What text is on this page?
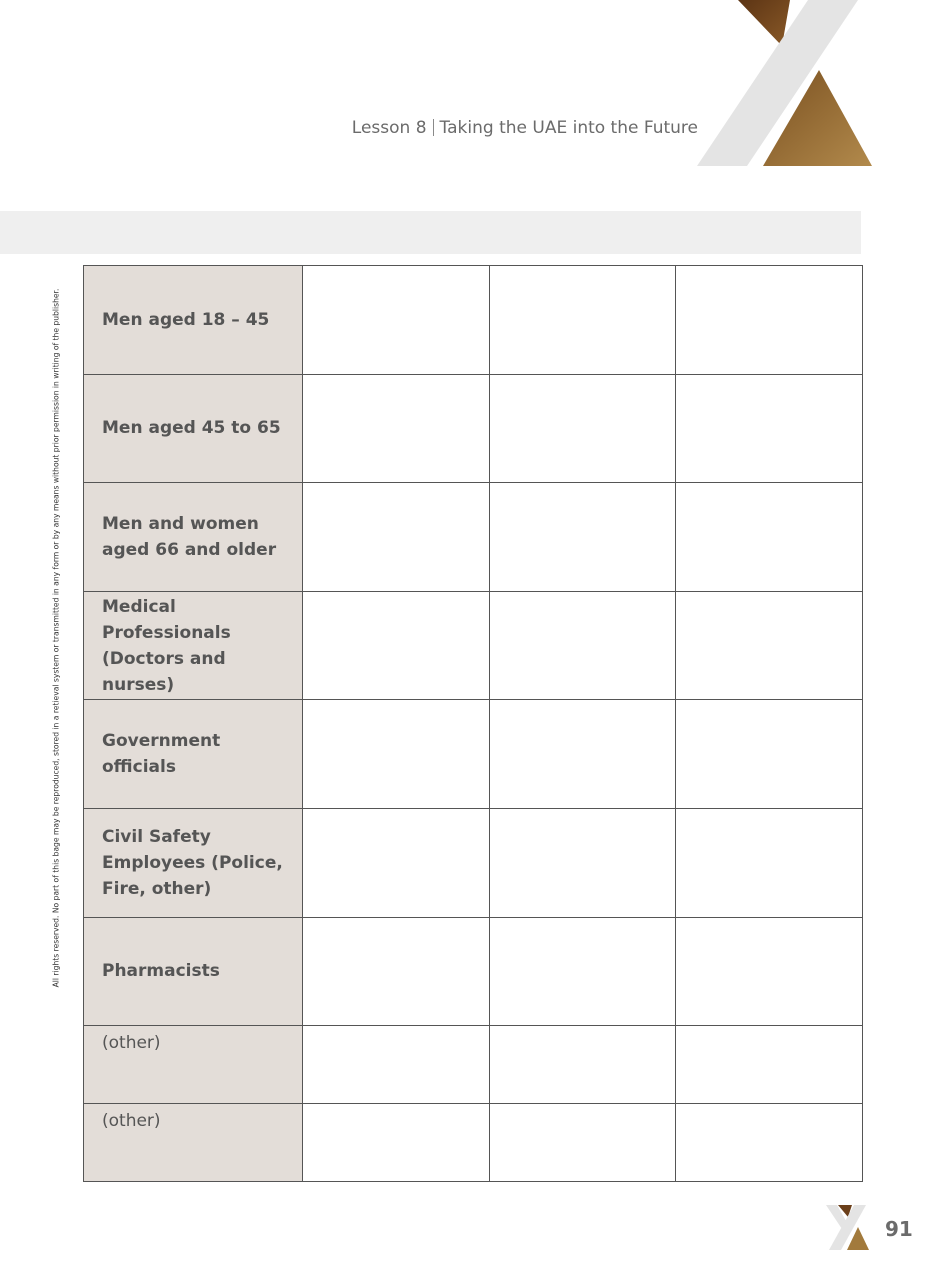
Lesson 8 Taking the UAE into the Future
All rights reserved. No part of this bage may be reproduced, stored in a retieval system or transmitted in any form or by any means without prior permission in writing of the publisher. Men aged 18 – 45			
Men aged 45 to 65			
Men and women aged 66 and older			
Medical Professionals (Doctors and nurses)			
Government officials			
Civil Safety Employees (Police, Fire, other)			
Pharmacists			
(other)			
(other)			
91
